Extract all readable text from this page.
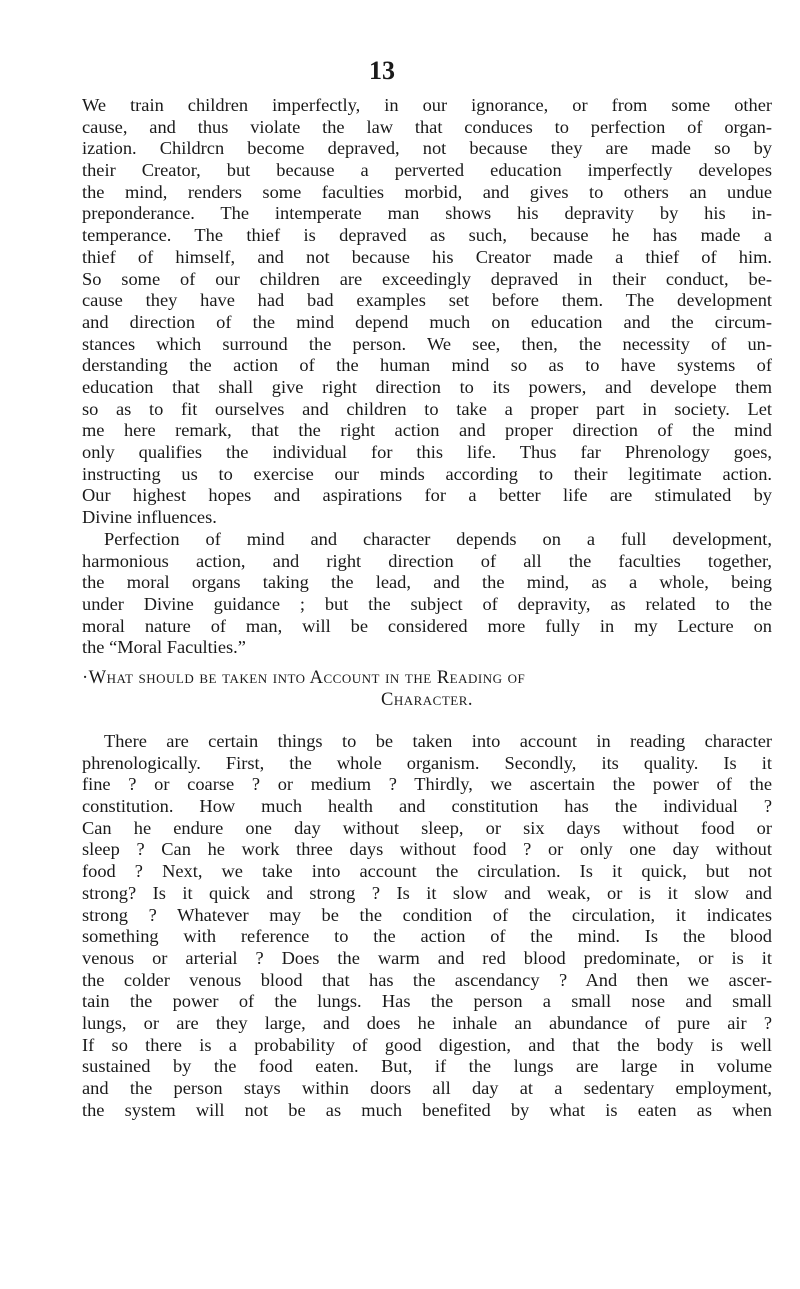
13
We train children imperfectly, in our ignorance, or from some other
cause, and thus violate the law that conduces to perfection of organ-
ization. Childrcn become depraved, not because they are made so by
their Creator, but because a perverted education imperfectly developes
the mind, renders some faculties morbid, and gives to others an undue
preponderance. The intemperate man shows his depravity by his in-
temperance. The thief is depraved as such, because he has made a
thief of himself, and not because his Creator made a thief of him.
So some of our children are exceedingly depraved in their conduct, be-
cause they have had bad examples set before them. The development
and direction of the mind depend much on education and the circum-
stances which surround the person. We see, then, the necessity of un-
derstanding the action of the human mind so as to have systems of
education that shall give right direction to its powers, and develope them
so as to fit ourselves and children to take a proper part in society. Let
me here remark, that the right action and proper direction of the mind
only qualifies the individual for this life. Thus far Phrenology goes,
instructing us to exercise our minds according to their legitimate action.
Our highest hopes and aspirations for a better life are stimulated by
Divine influences.
Perfection of mind and character depends on a full development,
harmonious action, and right direction of all the faculties together,
the moral organs taking the lead, and the mind, as a whole, being
under Divine guidance ; but the subject of depravity, as related to the
moral nature of man, will be considered more fully in my Lecture on
the “Moral Faculties.”
·What should be taken into Account in the Reading of
Character.
There are certain things to be taken into account in reading character
phrenologically. First, the whole organism. Secondly, its quality. Is it
fine ? or coarse ? or medium ? Thirdly, we ascertain the power of the
constitution. How much health and constitution has the individual ?
Can he endure one day without sleep, or six days without food or
sleep ? Can he work three days without food ? or only one day without
food ? Next, we take into account the circulation. Is it quick, but not
strong? Is it quick and strong ? Is it slow and weak, or is it slow and
strong ? Whatever may be the condition of the circulation, it indicates
something with reference to the action of the mind. Is the blood
venous or arterial ? Does the warm and red blood predominate, or is it
the colder venous blood that has the ascendancy ? And then we ascer-
tain the power of the lungs. Has the person a small nose and small
lungs, or are they large, and does he inhale an abundance of pure air ?
If so there is a probability of good digestion, and that the body is well
sustained by the food eaten. But, if the lungs are large in volume
and the person stays within doors all day at a sedentary employment,
the system will not be as much benefited by what is eaten as when
